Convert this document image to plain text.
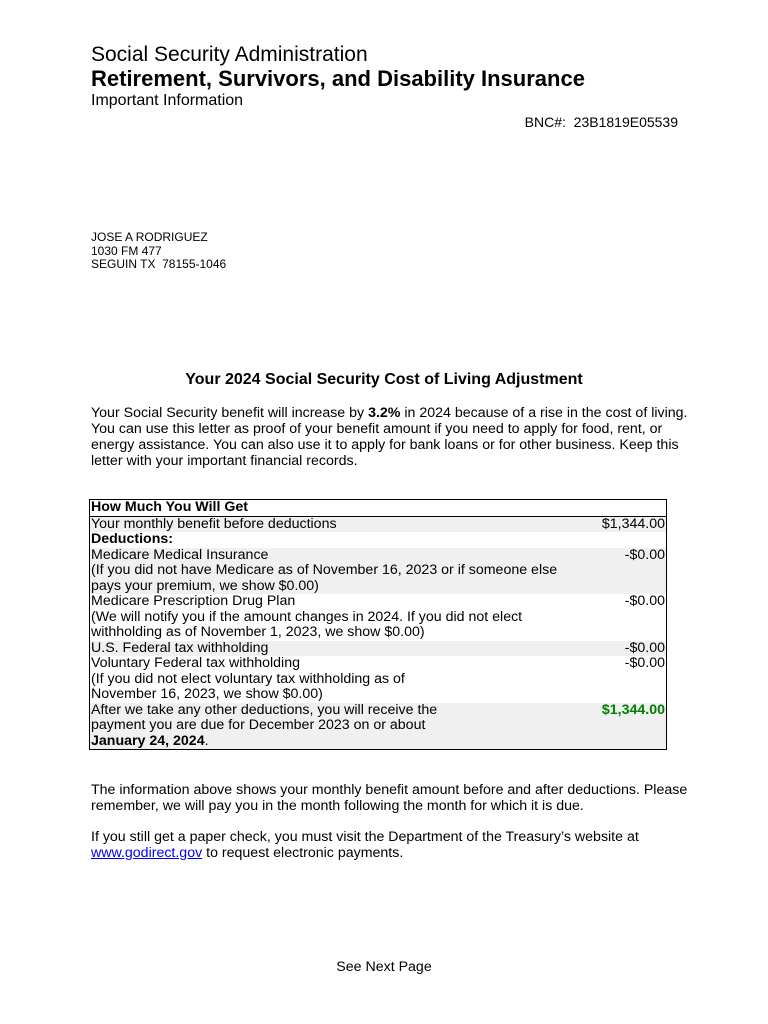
Social Security Administration
Retirement, Survivors, and Disability Insurance
Important Information
BNC#:  23B1819E05539
JOSE A RODRIGUEZ
1030 FM 477
SEGUIN TX  78155-1046
Your 2024 Social Security Cost of Living Adjustment
Your Social Security benefit will increase by 3.2% in 2024 because of a rise in the cost of living. You can use this letter as proof of your benefit amount if you need to apply for food, rent, or energy assistance. You can also use it to apply for bank loans or for other business. Keep this letter with your important financial records.
How Much You Will Get	
Your monthly benefit before deductions	$1,344.00
Deductions:	

Medicare Medical Insurance
(If you did not have Medicare as of November 16, 2023 or if someone else pays your premium, we show $0.00)	-$0.00

Medicare Prescription Drug Plan
(We will notify you if the amount changes in 2024. If you did not elect withholding as of November 1, 2023, we show $0.00)	-$0.00
U.S. Federal tax withholding	-$0.00

Voluntary Federal tax withholding
(If you did not elect voluntary tax withholding as of November 16, 2023, we show $0.00)	-$0.00

After we take any other deductions, you will receive the payment you are due for December 2023 on or about
January 24, 2024.	$1,344.00
The information above shows your monthly benefit amount before and after deductions. Please remember, we will pay you in the month following the month for which it is due.
If you still get a paper check, you must visit the Department of the Treasury’s website at www.godirect.gov to request electronic payments.
See Next Page
